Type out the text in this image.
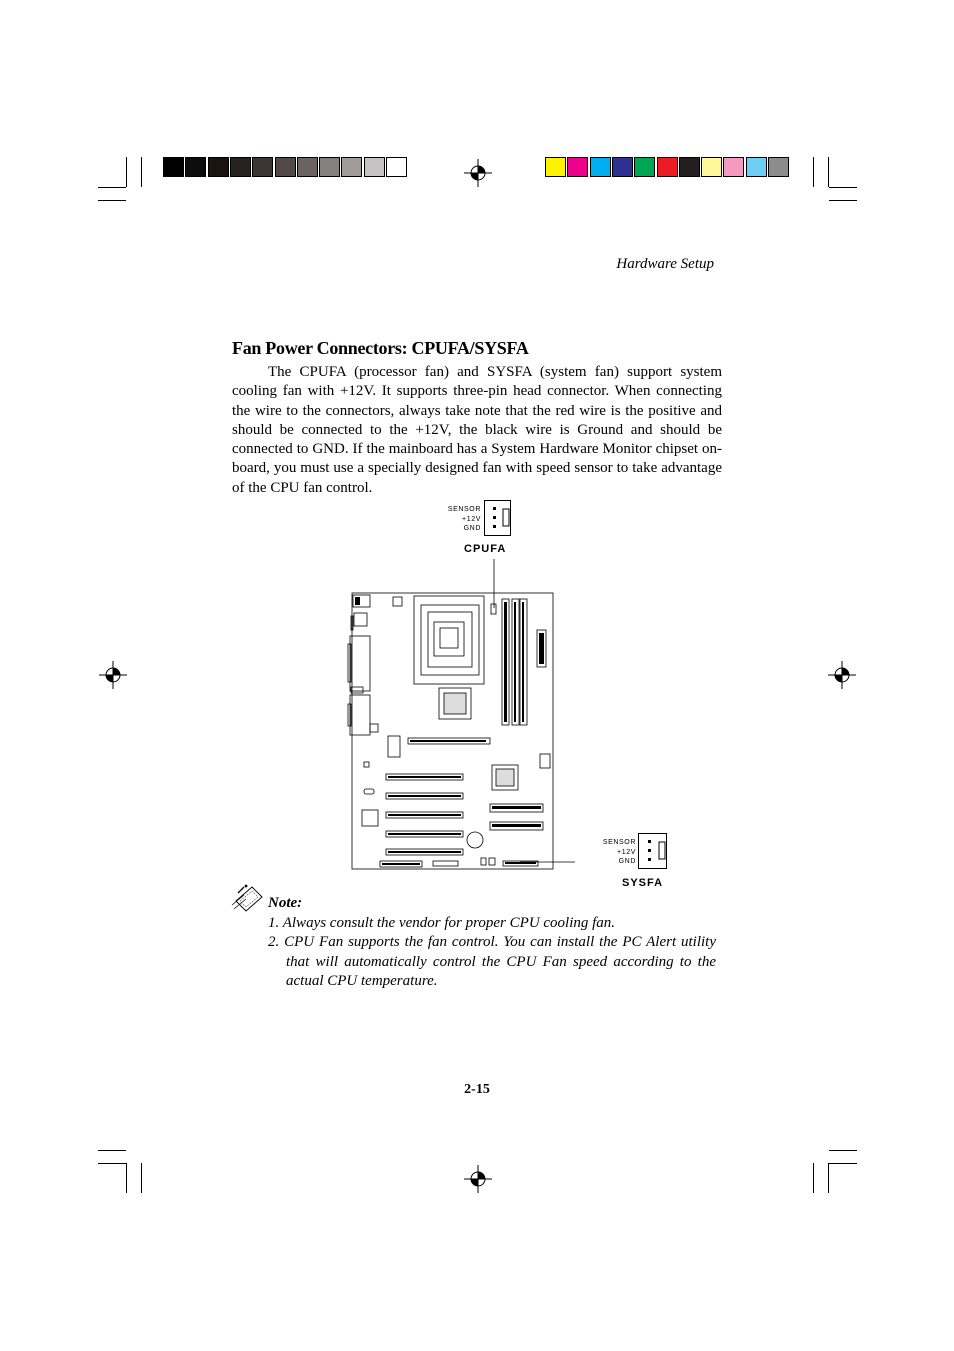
Hardware Setup
Fan Power Connectors: CPUFA/SYSFA
The CPUFA (processor fan) and SYSFA (system fan) support system cooling fan with +12V. It supports three-pin head connector. When connecting the wire to the connectors, always take note that the red wire is the positive and should be connected to the +12V, the black wire is Ground and should be connected to GND. If the mainboard has a System Hardware Monitor chipset on-board, you must use a specially designed fan with speed sensor to take advantage of the CPU fan control.
SENSOR
+12V
GND
CPUFA
SENSOR
+12V
GND
SYSFA
Note:
1. Always consult the vendor for proper CPU cooling fan.
2. CPU Fan supports the fan control. You can install the PC Alert utility that will automatically control the CPU Fan speed according to the actual CPU temperature.
2-15
